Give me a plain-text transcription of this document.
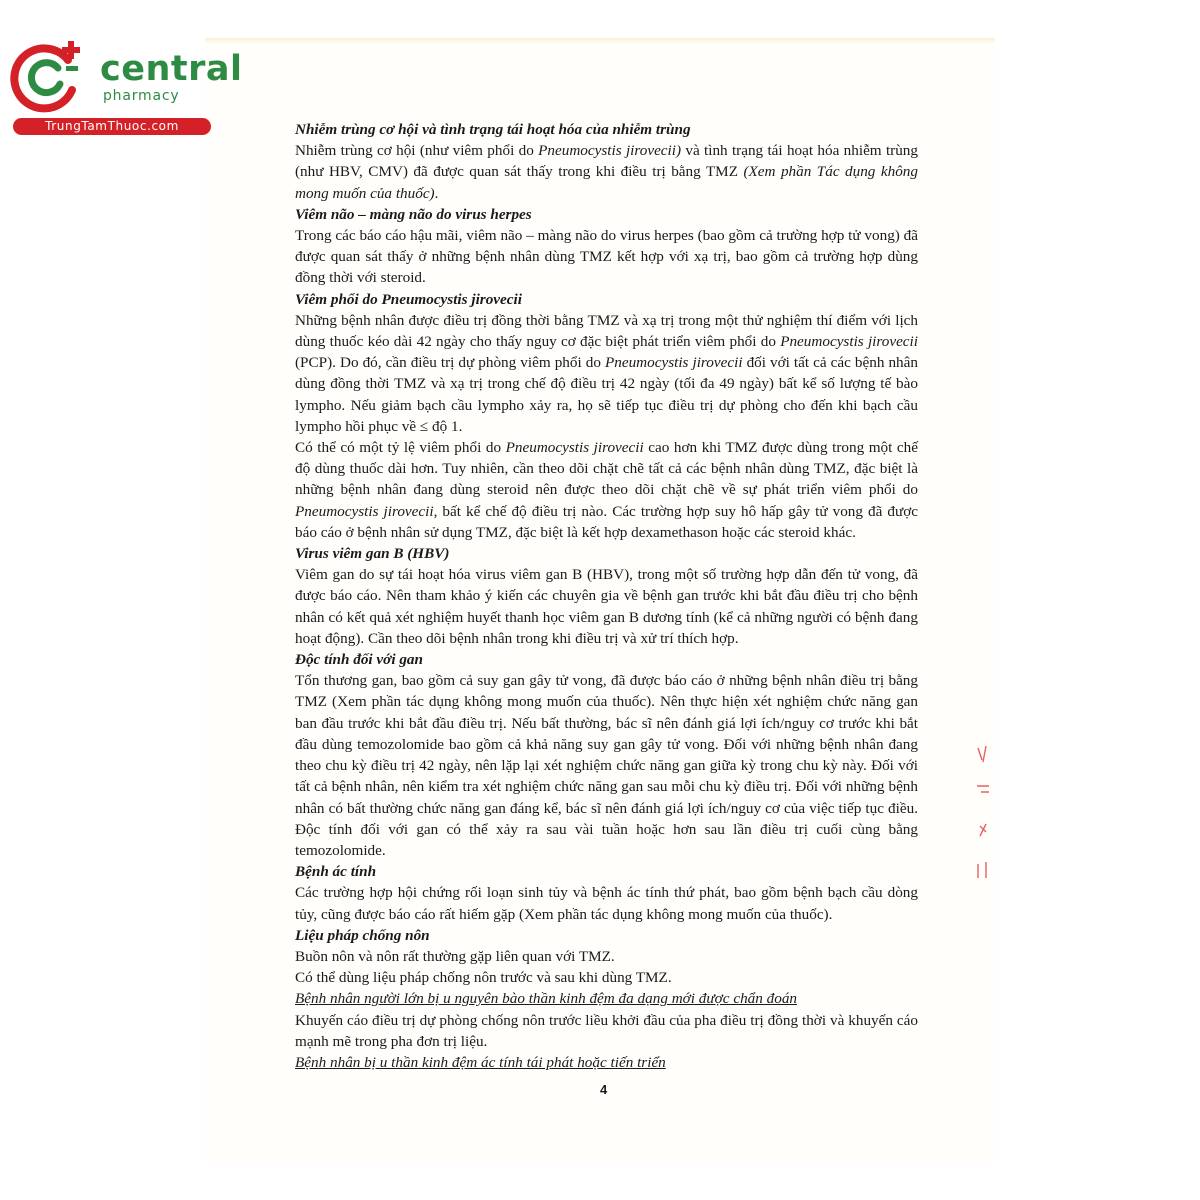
central
pharmacy
TrungTamThuoc.com	Nhiễm trùng cơ hội và tình trạng tái hoạt hóa của nhiễm trùng

Nhiễm trùng cơ hội (như viêm phổi do Pneumocystis jirovecii) và tình trạng tái hoạt hóa nhiễm trùng (như HBV, CMV) đã được quan sát thấy trong khi điều trị bằng TMZ (Xem phần Tác dụng không mong muốn của thuốc).

Viêm não – màng não do virus herpes

Trong các báo cáo hậu mãi, viêm não – màng não do virus herpes (bao gồm cả trường hợp tử vong) đã được quan sát thấy ở những bệnh nhân dùng TMZ kết hợp với xạ trị, bao gồm cả trường hợp dùng đồng thời với steroid.

Viêm phổi do Pneumocystis jirovecii

Những bệnh nhân được điều trị đồng thời bằng TMZ và xạ trị trong một thử nghiệm thí điểm với lịch dùng thuốc kéo dài 42 ngày cho thấy nguy cơ đặc biệt phát triển viêm phổi do Pneumocystis jirovecii (PCP). Do đó, cần điều trị dự phòng viêm phổi do Pneumocystis jirovecii đối với tất cả các bệnh nhân dùng đồng thời TMZ và xạ trị trong chế độ điều trị 42 ngày (tối đa 49 ngày) bất kể số lượng tế bào lympho. Nếu giảm bạch cầu lympho xảy ra, họ sẽ tiếp tục điều trị dự phòng cho đến khi bạch cầu lympho hồi phục về ≤ độ 1.

Có thể có một tỷ lệ viêm phổi do Pneumocystis jirovecii cao hơn khi TMZ được dùng trong một chế độ dùng thuốc dài hơn. Tuy nhiên, cần theo dõi chặt chẽ tất cả các bệnh nhân dùng TMZ, đặc biệt là những bệnh nhân đang dùng steroid nên được theo dõi chặt chẽ về sự phát triển viêm phổi do Pneumocystis jirovecii, bất kể chế độ điều trị nào. Các trường hợp suy hô hấp gây tử vong đã được báo cáo ở bệnh nhân sử dụng TMZ, đặc biệt là kết hợp dexamethason hoặc các steroid khác.

Virus viêm gan B (HBV)

Viêm gan do sự tái hoạt hóa virus viêm gan B (HBV), trong một số trường hợp dẫn đến tử vong, đã được báo cáo. Nên tham khảo ý kiến các chuyên gia về bệnh gan trước khi bắt đầu điều trị cho bệnh nhân có kết quả xét nghiệm huyết thanh học viêm gan B dương tính (kể cả những người có bệnh đang hoạt động). Cần theo dõi bệnh nhân trong khi điều trị và xử trí thích hợp.

Độc tính đối với gan

Tổn thương gan, bao gồm cả suy gan gây tử vong, đã được báo cáo ở những bệnh nhân điều trị bằng TMZ (Xem phần tác dụng không mong muốn của thuốc). Nên thực hiện xét nghiệm chức năng gan ban đầu trước khi bắt đầu điều trị. Nếu bất thường, bác sĩ nên đánh giá lợi ích/nguy cơ trước khi bắt đầu dùng temozolomide bao gồm cả khả năng suy gan gây tử vong. Đối với những bệnh nhân đang theo chu kỳ điều trị 42 ngày, nên lặp lại xét nghiệm chức năng gan giữa kỳ trong chu kỳ này. Đối với tất cả bệnh nhân, nên kiểm tra xét nghiệm chức năng gan sau mỗi chu kỳ điều trị. Đối với những bệnh nhân có bất thường chức năng gan đáng kể, bác sĩ nên đánh giá lợi ích/nguy cơ của việc tiếp tục điều. Độc tính đối với gan có thể xảy ra sau vài tuần hoặc hơn sau lần điều trị cuối cùng bằng temozolomide.

Bệnh ác tính

Các trường hợp hội chứng rối loạn sinh tủy và bệnh ác tính thứ phát, bao gồm bệnh bạch cầu dòng tủy, cũng được báo cáo rất hiếm gặp (Xem phần tác dụng không mong muốn của thuốc).

Liệu pháp chống nôn

Buồn nôn và nôn rất thường gặp liên quan với TMZ.

Có thể dùng liệu pháp chống nôn trước và sau khi dùng TMZ.

Bệnh nhân người lớn bị u nguyên bào thần kinh đệm đa dạng mới được chẩn đoán

Khuyến cáo điều trị dự phòng chống nôn trước liều khởi đầu của pha điều trị đồng thời và khuyến cáo mạnh mẽ trong pha đơn trị liệu.

Bệnh nhân bị u thần kinh đệm ác tính tái phát hoặc tiến triển

4
